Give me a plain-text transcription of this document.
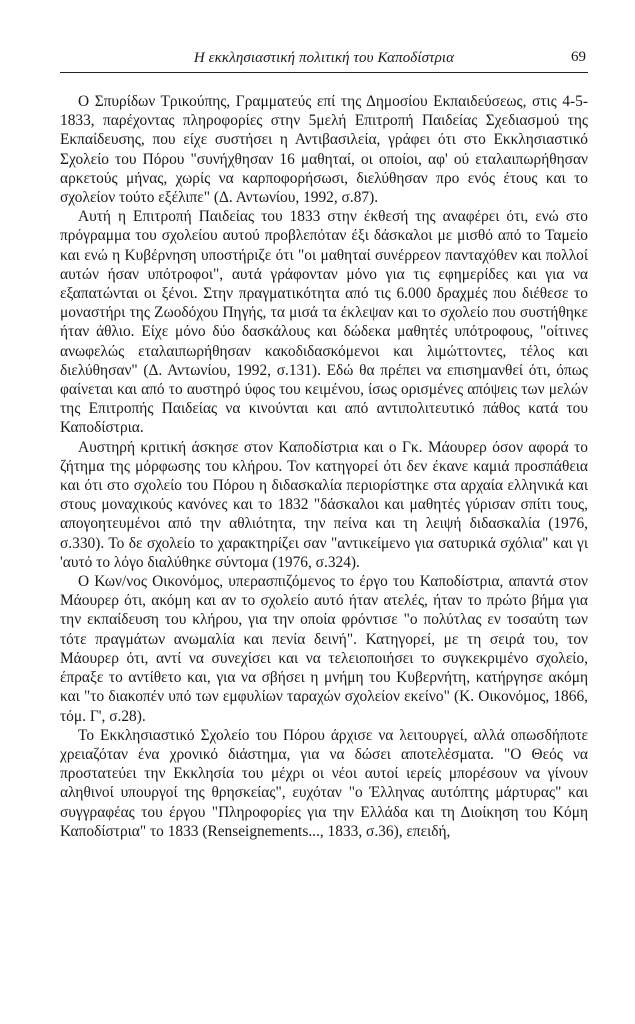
Η εκκλησιαστική πολιτική του Καποδίστρια	69

Ο Σπυρίδων Τρικούπης, Γραμματεύς επί της Δημοσίου Εκπαιδεύσεως, στις 4-5-1833, παρέχοντας πληροφορίες στην 5μελή Επιτροπή Παιδείας Σχεδιασμού της Εκπαίδευσης, που είχε συστήσει η Αντιβασιλεία, γράφει ότι στο Εκκλησιαστικό Σχολείο του Πόρου "συνήχθησαν 16 μαθηταί, οι οποίοι, αφ' ού εταλαιπωρήθησαν αρκετούς μήνας, χωρίς να καρποφορήσωσι, διελύθησαν προ ενός έτους και το σχολείον τούτο εξέλιπε" (Δ. Αντωνίου, 1992, σ.87).

Αυτή η Επιτροπή Παιδείας του 1833 στην έκθεσή της αναφέρει ότι, ενώ στο πρόγραμμα του σχολείου αυτού προβλεπόταν έξι δάσκαλοι με μισθό από το Ταμείο και ενώ η Κυβέρνηση υποστήριζε ότι "οι μαθηταί συνέρρεον πανταχόθεν και πολλοί αυτών ήσαν υπότροφοι", αυτά γράφονταν μόνο για τις εφημερίδες και για να εξαπατώνται οι ξένοι. Στην πραγματικότητα από τις 6.000 δραχμές που διέθεσε το μοναστήρι της Ζωοδόχου Πηγής, τα μισά τα έκλεψαν και το σχολείο που συστήθηκε ήταν άθλιο. Είχε μόνο δύο δασκάλους και δώδεκα μαθητές υπότροφους, "οίτινες ανωφελώς εταλαιπωρήθησαν κακοδιδασκόμενοι και λιμώττοντες, τέλος και διελύθησαν" (Δ. Αντωνίου, 1992, σ.131). Εδώ θα πρέπει να επισημανθεί ότι, όπως φαίνεται και από το αυστηρό ύφος του κειμένου, ίσως ορισμένες απόψεις των μελών της Επιτροπής Παιδείας να κινούνται και από αντιπολιτευτικό πάθος κατά του Καποδίστρια.

Αυστηρή κριτική άσκησε στον Καποδίστρια και ο Γκ. Μάουρερ όσον αφορά το ζήτημα της μόρφωσης του κλήρου. Τον κατηγορεί ότι δεν έκανε καμιά προσπάθεια και ότι στο σχολείο του Πόρου η διδασκαλία περιορίστηκε στα αρχαία ελληνικά και στους μοναχικούς κανόνες και το 1832 "δάσκαλοι και μαθητές γύρισαν σπίτι τους, απογοητευμένοι από την αθλιότητα, την πείνα και τη λειψή διδασκαλία (1976, σ.330). Το δε σχολείο το χαρακτηρίζει σαν "αντικείμενο για σατυρικά σχόλια" και γι 'αυτό το λόγο διαλύθηκε σύντομα (1976, σ.324).

Ο Κων/νος Οικονόμος, υπερασπιζόμενος το έργο του Καποδίστρια, απαντά στον Μάουρερ ότι, ακόμη και αν το σχολείο αυτό ήταν ατελές, ήταν το πρώτο βήμα για την εκπαίδευση του κλήρου, για την οποία φρόντισε "ο πολύτλας εν τοσαύτη των τότε πραγμάτων ανωμαλία και πενία δεινή". Κατηγορεί, με τη σειρά του, τον Μάουρερ ότι, αντί να συνεχίσει και να τελειοποιήσει το συγκεκριμένο σχολείο, έπραξε το αντίθετο και, για να σβήσει η μνήμη του Κυβερνήτη, κατήργησε ακόμη και "το διακοπέν υπό των εμφυλίων ταραχών σχολείον εκείνο" (Κ. Οικονόμος, 1866, τόμ. Γ', σ.28).

Το Εκκλησιαστικό Σχολείο του Πόρου άρχισε να λειτουργεί, αλλά οπωσδήποτε χρειαζόταν ένα χρονικό διάστημα, για να δώσει αποτελέσματα. "Ο Θεός να προστατεύει την Εκκλησία του μέχρι οι νέοι αυτοί ιερείς μπορέσουν να γίνουν αληθινοί υπουργοί της θρησκείας", ευχόταν "ο Έλληνας αυτόπτης μάρτυρας" και συγγραφέας του έργου "Πληροφορίες για την Ελλάδα και τη Διοίκηση του Κόμη Καποδίστρια" το 1833 (Renseignements..., 1833, σ.36), επειδή,
